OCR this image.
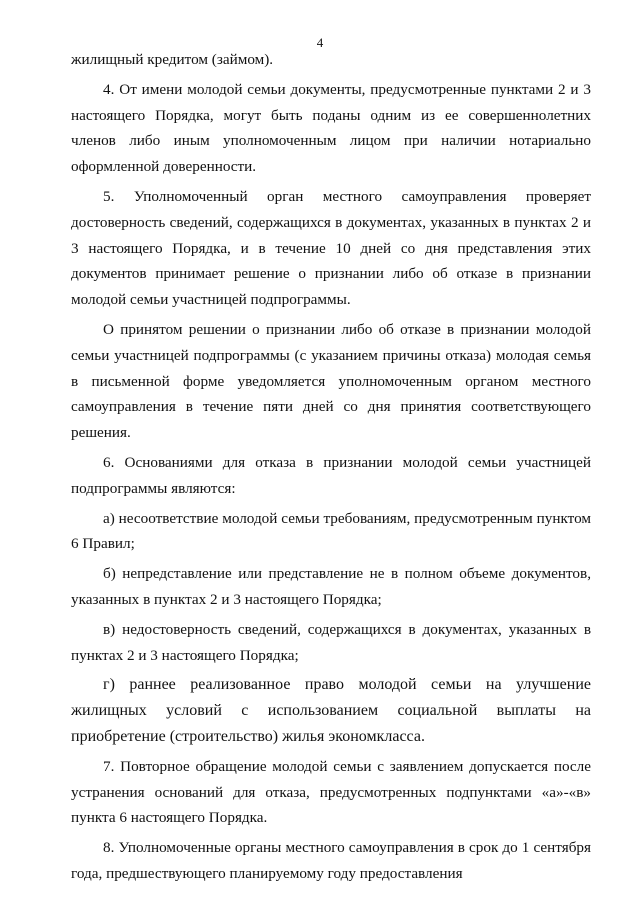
4

жилищный кредитом (займом).

4. От имени молодой семьи документы, предусмотренные пунктами 2 и 3 настоящего Порядка, могут быть поданы одним из ее совершеннолетних членов либо иным уполномоченным лицом при наличии нотариально оформленной доверенности.

5. Уполномоченный орган местного самоуправления проверяет достоверность сведений, содержащихся в документах, указанных в пунктах 2 и 3 настоящего Порядка, и в течение 10 дней со дня представления этих документов принимает решение о признании либо об отказе в признании молодой семьи участницей подпрограммы.

О принятом решении о признании либо об отказе в признании молодой семьи участницей подпрограммы (с указанием причины отказа) молодая семья в письменной форме уведомляется уполномоченным органом местного самоуправления в течение пяти дней со дня принятия соответствующего решения.

6. Основаниями для отказа в признании молодой семьи участницей подпрограммы являются:

а) несоответствие молодой семьи требованиям, предусмотренным пунктом 6 Правил;

б) непредставление или представление не в полном объеме документов, указанных в пунктах 2 и 3 настоящего Порядка;

в) недостоверность сведений, содержащихся в документах, указанных в пунктах 2 и 3 настоящего Порядка;

г) раннее реализованное право молодой семьи на улучшение жилищных условий с использованием социальной выплаты на приобретение (строительство) жилья экономкласса.

7. Повторное обращение молодой семьи с заявлением допускается после устранения оснований для отказа, предусмотренных подпунктами «а»-«в» пункта 6 настоящего Порядка.

8. Уполномоченные органы местного самоуправления в срок до 1 сентября года, предшествующего планируемому году предоставления
